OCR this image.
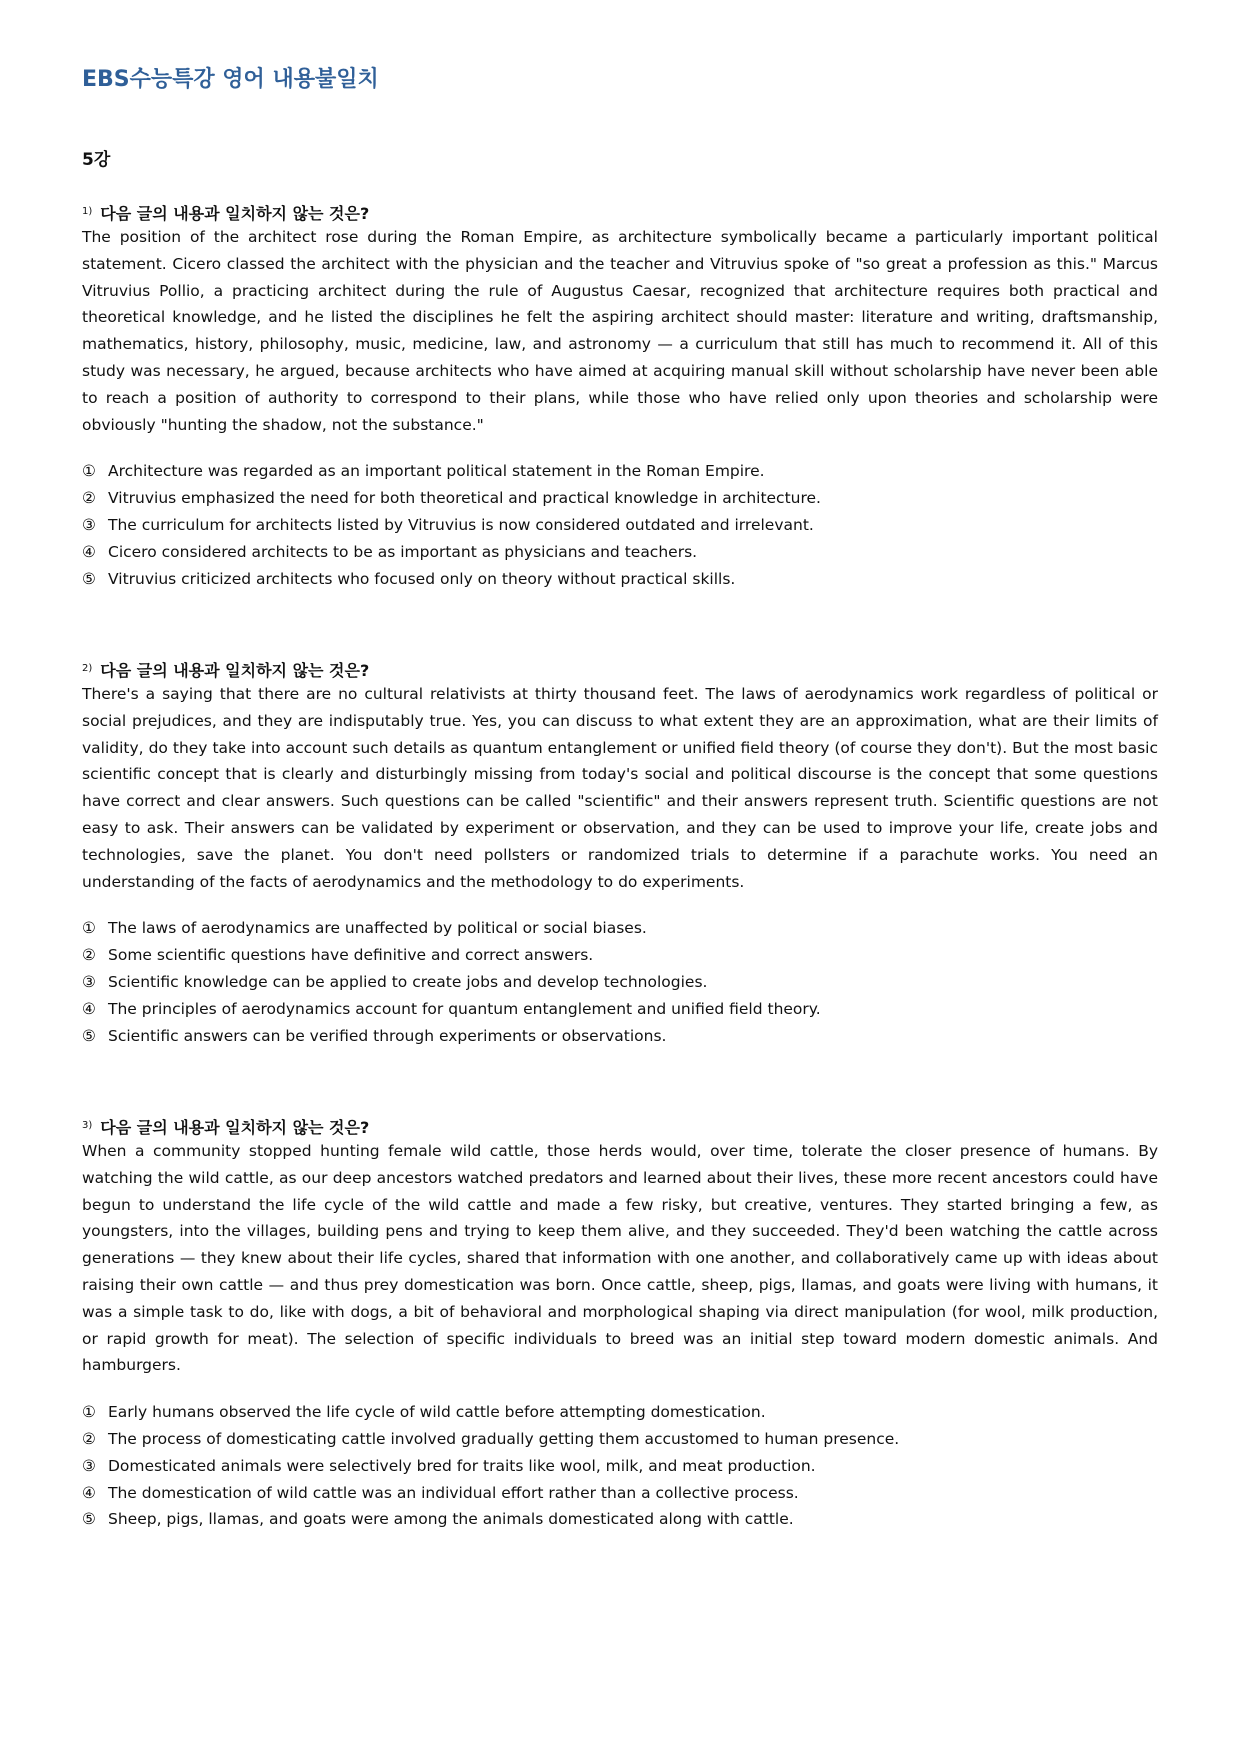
EBS수능특강 영어 내용불일치
5강
$^{1)}$ 다음 글의 내용과 일치하지 않는 것은?

The position of the architect rose during the Roman Empire, as architecture symbolically became a particularly important political statement. Cicero classed the architect with the physician and the teacher and Vitruvius spoke of "so great a profession as this." Marcus Vitruvius Pollio, a practicing architect during the rule of Augustus Caesar, recognized that architecture requires both practical and theoretical knowledge, and he listed the disciplines he felt the aspiring architect should master: literature and writing, draftsmanship, mathematics, history, philosophy, music, medicine, law, and astronomy — a curriculum that still has much to recommend it. All of this study was necessary, he argued, because architects who have aimed at acquiring manual skill without scholarship have never been able to reach a position of authority to correspond to their plans, while those who have relied only upon theories and scholarship were obviously "hunting the shadow, not the substance."

① Architecture was regarded as an important political statement in the Roman Empire.
② Vitruvius emphasized the need for both theoretical and practical knowledge in architecture.
③ The curriculum for architects listed by Vitruvius is now considered outdated and irrelevant.
④ Cicero considered architects to be as important as physicians and teachers.
⑤ Vitruvius criticized architects who focused only on theory without practical skills.
$^{2)}$ 다음 글의 내용과 일치하지 않는 것은?

There's a saying that there are no cultural relativists at thirty thousand feet. The laws of aerodynamics work regardless of political or social prejudices, and they are indisputably true. Yes, you can discuss to what extent they are an approximation, what are their limits of validity, do they take into account such details as quantum entanglement or unified field theory (of course they don't). But the most basic scientific concept that is clearly and disturbingly missing from today's social and political discourse is the concept that some questions have correct and clear answers. Such questions can be called "scientific" and their answers represent truth. Scientific questions are not easy to ask. Their answers can be validated by experiment or observation, and they can be used to improve your life, create jobs and technologies, save the planet. You don't need pollsters or randomized trials to determine if a parachute works. You need an understanding of the facts of aerodynamics and the methodology to do experiments.

① The laws of aerodynamics are unaffected by political or social biases.
② Some scientific questions have definitive and correct answers.
③ Scientific knowledge can be applied to create jobs and develop technologies.
④ The principles of aerodynamics account for quantum entanglement and unified field theory.
⑤ Scientific answers can be verified through experiments or observations.
$^{3)}$ 다음 글의 내용과 일치하지 않는 것은?

When a community stopped hunting female wild cattle, those herds would, over time, tolerate the closer presence of humans. By watching the wild cattle, as our deep ancestors watched predators and learned about their lives, these more recent ancestors could have begun to understand the life cycle of the wild cattle and made a few risky, but creative, ventures. They started bringing a few, as youngsters, into the villages, building pens and trying to keep them alive, and they succeeded. They'd been watching the cattle across generations — they knew about their life cycles, shared that information with one another, and collaboratively came up with ideas about raising their own cattle — and thus prey domestication was born. Once cattle, sheep, pigs, llamas, and goats were living with humans, it was a simple task to do, like with dogs, a bit of behavioral and morphological shaping via direct manipulation (for wool, milk production, or rapid growth for meat). The selection of specific individuals to breed was an initial step toward modern domestic animals. And hamburgers.

① Early humans observed the life cycle of wild cattle before attempting domestication.
② The process of domesticating cattle involved gradually getting them accustomed to human presence.
③ Domesticated animals were selectively bred for traits like wool, milk, and meat production.
④ The domestication of wild cattle was an individual effort rather than a collective process.
⑤ Sheep, pigs, llamas, and goats were among the animals domesticated along with cattle.
